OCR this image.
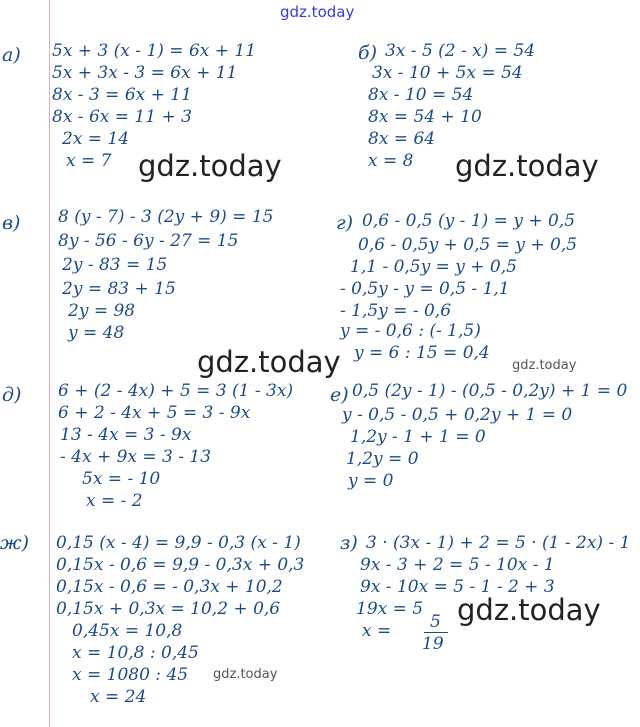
gdz.today
а) 5x + 3 (x - 1) = 6x + 11
5x + 3x - 3 = 6x + 11
8x - 3 = 6x + 11
8x - 6x = 11 + 3
2x = 14
x = 7 gdz.today
б) 3x - 5 (2 - x) = 54
3x - 10 + 5x = 54
8x - 10 = 54
8x = 54 + 10
8x = 64
x = 8 gdz.today
в) 8 (y - 7) - 3 (2y + 9) = 15
8y - 56 - 6y - 27 = 15
2y - 83 = 15
2y = 83 + 15
2y = 98
y = 48
г) 0,6 - 0,5 (y - 1) = y + 0,5
0,6 - 0,5y + 0,5 = y + 0,5
1,1 - 0,5y = y + 0,5
- 0,5y - y = 0,5 - 1,1
- 1,5y = - 0,6
y = - 0,6 : (- 1,5)
y = 6 : 15 = 0,4
gdz.today	gdz.today
д) 6 + (2 - 4x) + 5 = 3 (1 - 3x)
6 + 2 - 4x + 5 = 3 - 9x
13 - 4x = 3 - 9x
- 4x + 9x = 3 - 13
5x = - 10
x = - 2
е) 0,5 (2y - 1) - (0,5 - 0,2y) + 1 = 0
y - 0,5 - 0,5 + 0,2y + 1 = 0
1,2y - 1 + 1 = 0
1,2y = 0
y = 0
ж) 0,15 (x - 4) = 9,9 - 0,3 (x - 1)
0,15x - 0,6 = 9,9 - 0,3x + 0,3
0,15x - 0,6 = - 0,3x + 10,2
0,15x + 0,3x = 10,2 + 0,6
0,45x = 10,8
x = 10,8 : 0,45
x = 1080 : 45
x = 24
gdz.today
з) 3 · (3x - 1) + 2 = 5 · (1 - 2x) - 1
9x - 3 + 2 = 5 - 10x - 1
9x - 10x = 5 - 1 - 2 + 3
19x = 5
x = 5
19
gdz.today
